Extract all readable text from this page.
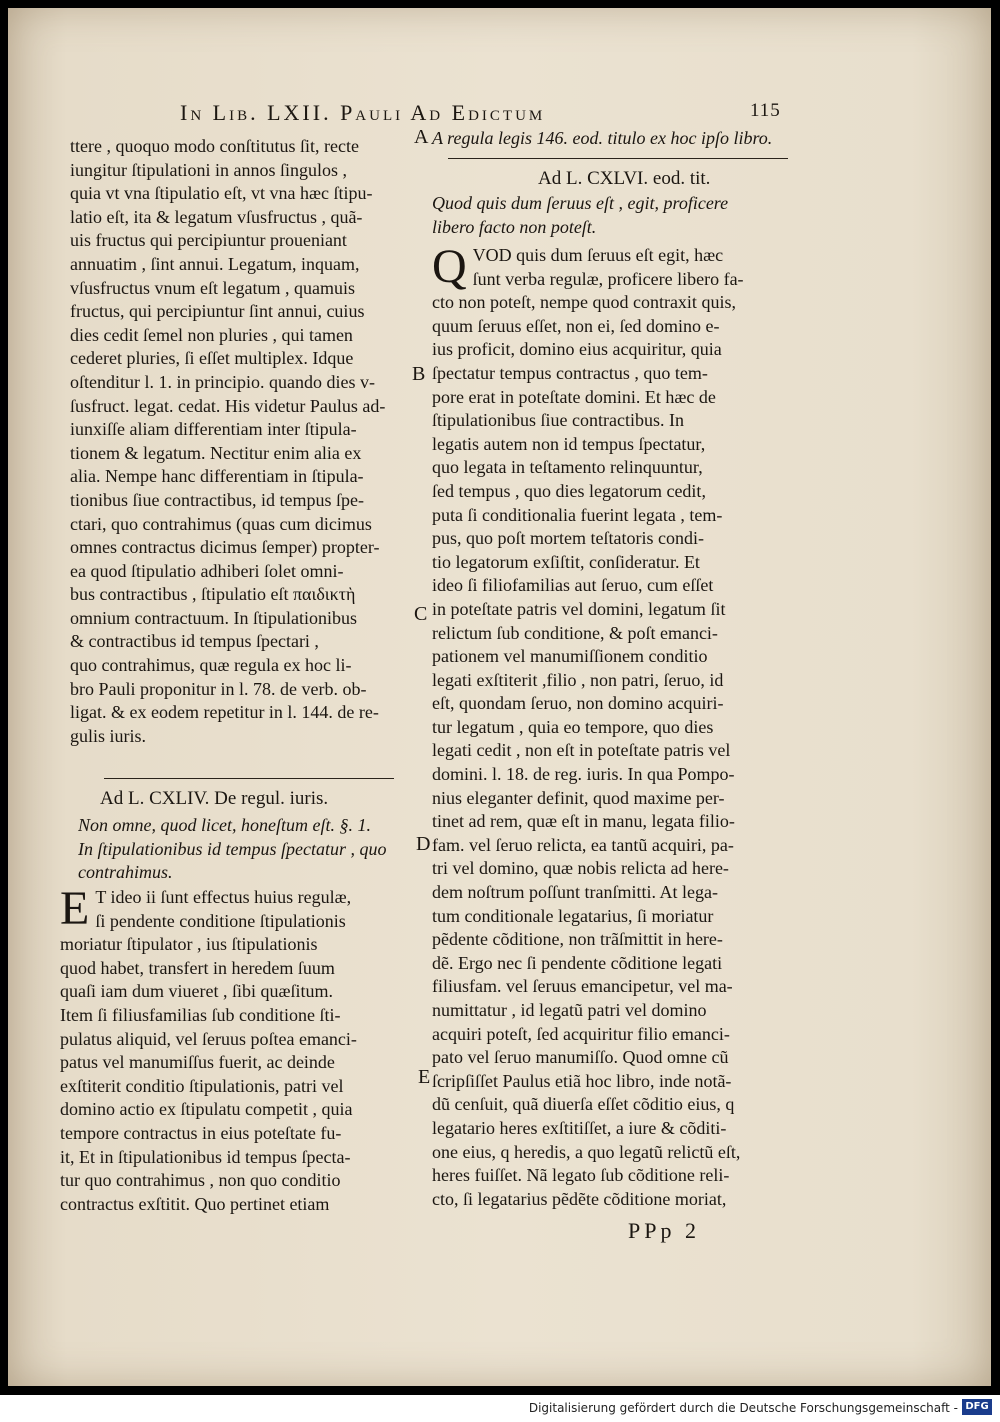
In Lib. LXII. Pauli Ad Edictum	115
ttere , quoquo modo conſtitutus ſit, recte
iungitur ſtipulationi in annos ſingulos ,
quia vt vna ſtipulatio eſt, vt vna hæc ſtipu-
latio eſt, ita & legatum vſusfructus , quã-
uis fructus qui percipiuntur proueniant
annuatim , ſint annui. Legatum, inquam,
vſusfructus vnum eſt legatum , quamuis
fructus, qui percipiuntur ſint annui, cuius
dies cedit ſemel non pluries , qui tamen
cederet pluries, ſi eſſet multiplex. Idque
oſtenditur l. 1. in principio. quando dies v-
ſusfruct. legat. cedat. His videtur Paulus ad-
iunxiſſe aliam differentiam inter ſtipula-
tionem & legatum. Nectitur enim alia ex
alia. Nempe hanc differentiam in ſtipula-
tionibus ſiue contractibus, id tempus ſpe-
ctari, quo contrahimus (quas cum dicimus
omnes contractus dicimus ſemper) propter-
ea quod ſtipulatio adhiberi ſolet omni-
bus contractibus , ſtipulatio eſt παιδικτὴ
omnium contractuum. In ſtipulationibus
& contractibus id tempus ſpectari ,
quo contrahimus, quæ regula ex hoc li-
bro Pauli proponitur in l. 78. de verb. ob-
ligat. & ex eodem repetitur in l. 144. de re-
gulis iuris.
Ad L. CXLIV. De regul. iuris.
Non omne, quod licet, honeſtum eſt. §. 1.
In ſtipulationibus id tempus ſpectatur , quo
contrahimus.
E T ideo ii ſunt effectus huius regulæ,
ſi pendente conditione ſtipulationis
moriatur ſtipulator , ius ſtipulationis
quod habet, transfert in heredem ſuum
quaſi iam dum viueret , ſibi quæſitum.
Item ſi filiusfamilias ſub conditione ſti-
pulatus aliquid, vel ſeruus poſtea emanci-
patus vel manumiſſus fuerit, ac deinde
exſtiterit conditio ſtipulationis, patri vel
domino actio ex ſtipulatu competit , quia
tempore contractus in eius poteſtate fu-
it, Et in ſtipulationibus id tempus ſpecta-
tur quo contrahimus , non quo conditio
contractus exſtitit. Quo pertinet etiam
A
B
C
D
E
A regula legis 146. eod. titulo ex hoc ipſo libro.
Ad L. CXLVI. eod. tit.
Quod quis dum ſeruus eſt , egit, proficere
libero facto non poteſt.
Q VOD quis dum ſeruus eſt egit, hæc
ſunt verba regulæ, proficere libero fa-
cto non poteſt, nempe quod contraxit quis,
quum ſeruus eſſet, non ei, ſed domino e-
ius proficit, domino eius acquiritur, quia
ſpectatur tempus contractus , quo tem-
pore erat in poteſtate domini. Et hæc de
ſtipulationibus ſiue contractibus. In
legatis autem non id tempus ſpectatur,
quo legata in teſtamento relinquuntur,
ſed tempus , quo dies legatorum cedit,
puta ſi conditionalia fuerint legata , tem-
pus, quo poſt mortem teſtatoris condi-
tio legatorum exſiſtit, conſideratur. Et
ideo ſi filiofamilias aut ſeruo, cum eſſet
in poteſtate patris vel domini, legatum ſit
relictum ſub conditione, & poſt emanci-
pationem vel manumiſſionem conditio
legati exſtiterit ,filio , non patri, ſeruo, id
eſt, quondam ſeruo, non domino acquiri-
tur legatum , quia eo tempore, quo dies
legati cedit , non eſt in poteſtate patris vel
domini. l. 18. de reg. iuris. In qua Pompo-
nius eleganter definit, quod maxime per-
tinet ad rem, quæ eſt in manu, legata filio-
fam. vel ſeruo relicta, ea tantũ acquiri, pa-
tri vel domino, quæ nobis relicta ad here-
dem noſtrum poſſunt tranſmitti. At lega-
tum conditionale legatarius, ſi moriatur
pẽdente cõditione, non trãſmittit in here-
dẽ. Ergo nec ſi pendente cõditione legati
filiusfam. vel ſeruus emancipetur, vel ma-
numittatur , id legatũ patri vel domino
acquiri poteſt, ſed acquiritur filio emanci-
pato vel ſeruo manumiſſo. Quod omne cũ
ſcripſiſſet Paulus etiã hoc libro, inde notã-
dũ cenſuit, quã diuerſa eſſet cõditio eius, q
legatario heres exſtitiſſet, a iure & cõditi-
one eius, q heredis, a quo legatũ relictũ eſt,
heres fuiſſet. Nã legato ſub cõditione reli-
cto, ſi legatarius pẽdẽte cõditione moriat,
PPp 2
Digitalisierung gefördert durch die Deutsche Forschungsgemeinschaft - DFG
